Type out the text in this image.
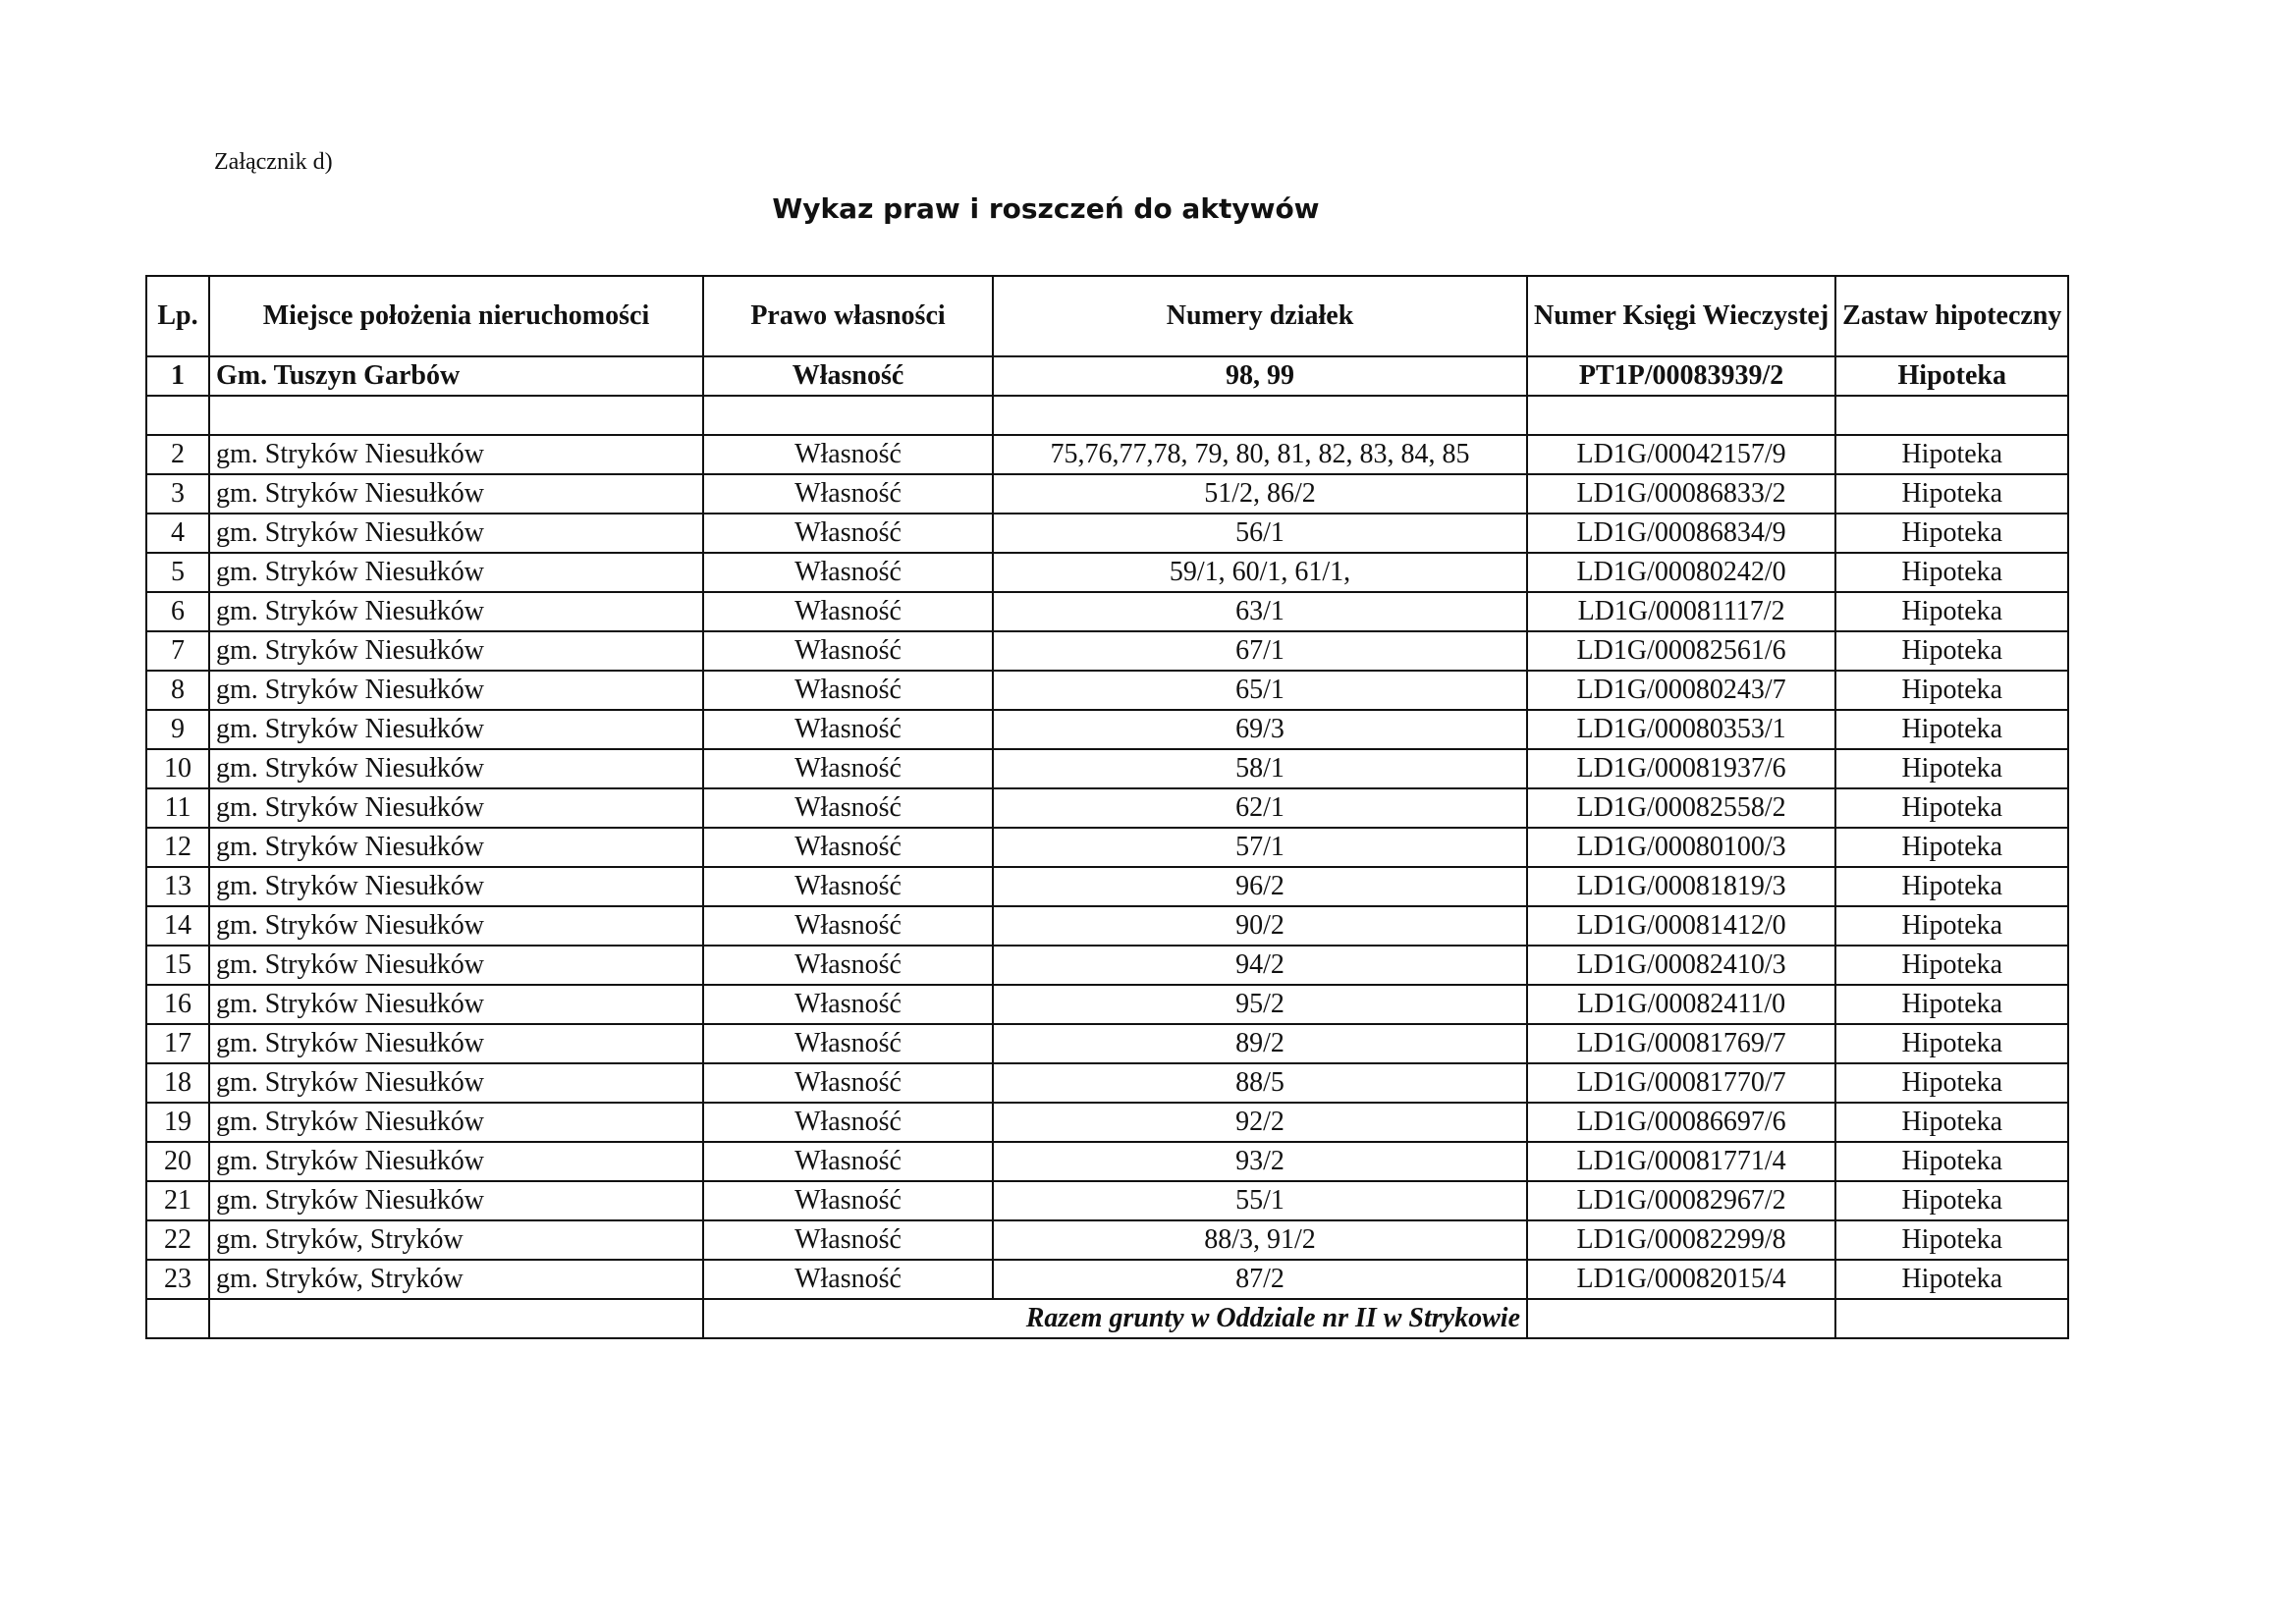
Załącznik d)
Wykaz praw i roszczeń do aktywów
Lp.	Miejsce położenia nieruchomości	Prawo własności	Numery działek	Numer Księgi Wieczystej	Zastaw hipoteczny
1	Gm. Tuszyn Garbów	Własność	98, 99	PT1P/00083939/2	Hipoteka

2	gm. Stryków Niesułków	Własność	75,76,77,78, 79, 80, 81, 82, 83, 84, 85	LD1G/00042157/9	Hipoteka
3	gm. Stryków Niesułków	Własność	51/2, 86/2	LD1G/00086833/2	Hipoteka
4	gm. Stryków Niesułków	Własność	56/1	LD1G/00086834/9	Hipoteka
5	gm. Stryków Niesułków	Własność	59/1, 60/1, 61/1,	LD1G/00080242/0	Hipoteka
6	gm. Stryków Niesułków	Własność	63/1	LD1G/00081117/2	Hipoteka
7	gm. Stryków Niesułków	Własność	67/1	LD1G/00082561/6	Hipoteka
8	gm. Stryków Niesułków	Własność	65/1	LD1G/00080243/7	Hipoteka
9	gm. Stryków Niesułków	Własność	69/3	LD1G/00080353/1	Hipoteka
10	gm. Stryków Niesułków	Własność	58/1	LD1G/00081937/6	Hipoteka
11	gm. Stryków Niesułków	Własność	62/1	LD1G/00082558/2	Hipoteka
12	gm. Stryków Niesułków	Własność	57/1	LD1G/00080100/3	Hipoteka
13	gm. Stryków Niesułków	Własność	96/2	LD1G/00081819/3	Hipoteka
14	gm. Stryków Niesułków	Własność	90/2	LD1G/00081412/0	Hipoteka
15	gm. Stryków Niesułków	Własność	94/2	LD1G/00082410/3	Hipoteka
16	gm. Stryków Niesułków	Własność	95/2	LD1G/00082411/0	Hipoteka
17	gm. Stryków Niesułków	Własność	89/2	LD1G/00081769/7	Hipoteka
18	gm. Stryków Niesułków	Własność	88/5	LD1G/00081770/7	Hipoteka
19	gm. Stryków Niesułków	Własność	92/2	LD1G/00086697/6	Hipoteka
20	gm. Stryków Niesułków	Własność	93/2	LD1G/00081771/4	Hipoteka
21	gm. Stryków Niesułków	Własność	55/1	LD1G/00082967/2	Hipoteka
22	gm. Stryków, Stryków	Własność	88/3, 91/2	LD1G/00082299/8	Hipoteka
23	gm. Stryków, Stryków	Własność	87/2	LD1G/00082015/4	Hipoteka
		Razem grunty w Oddziale nr II w Strykowie			
